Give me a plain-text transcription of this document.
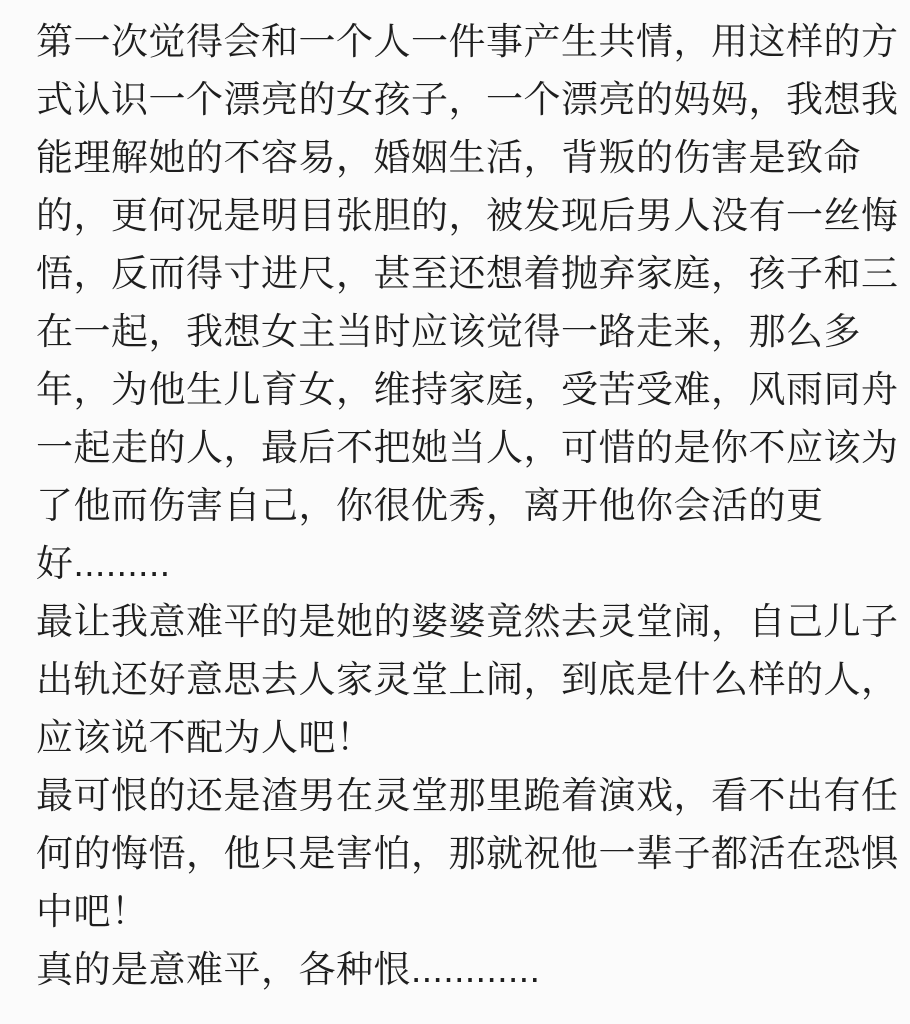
第一次觉得会和一个人一件事产生共情，用这样的方

式认识一个漂亮的女孩子，一个漂亮的妈妈，我想我

能理解她的不容易，婚姻生活，背叛的伤害是致命

的，更何况是明目张胆的，被发现后男人没有一丝悔

悟，反而得寸进尺，甚至还想着抛弃家庭，孩子和三

在一起，我想女主当时应该觉得一路走来，那么多

年，为他生儿育女，维持家庭，受苦受难，风雨同舟

一起走的人，最后不把她当人，可惜的是你不应该为

了他而伤害自己，你很优秀，离开他你会活的更

好.........

最让我意难平的是她的婆婆竟然去灵堂闹，自己儿子

出轨还好意思去人家灵堂上闹，到底是什么样的人，

应该说不配为人吧！

最可恨的还是渣男在灵堂那里跪着演戏，看不出有任

何的悔悟，他只是害怕，那就祝他一辈子都活在恐惧

中吧！

真的是意难平，各种恨............
